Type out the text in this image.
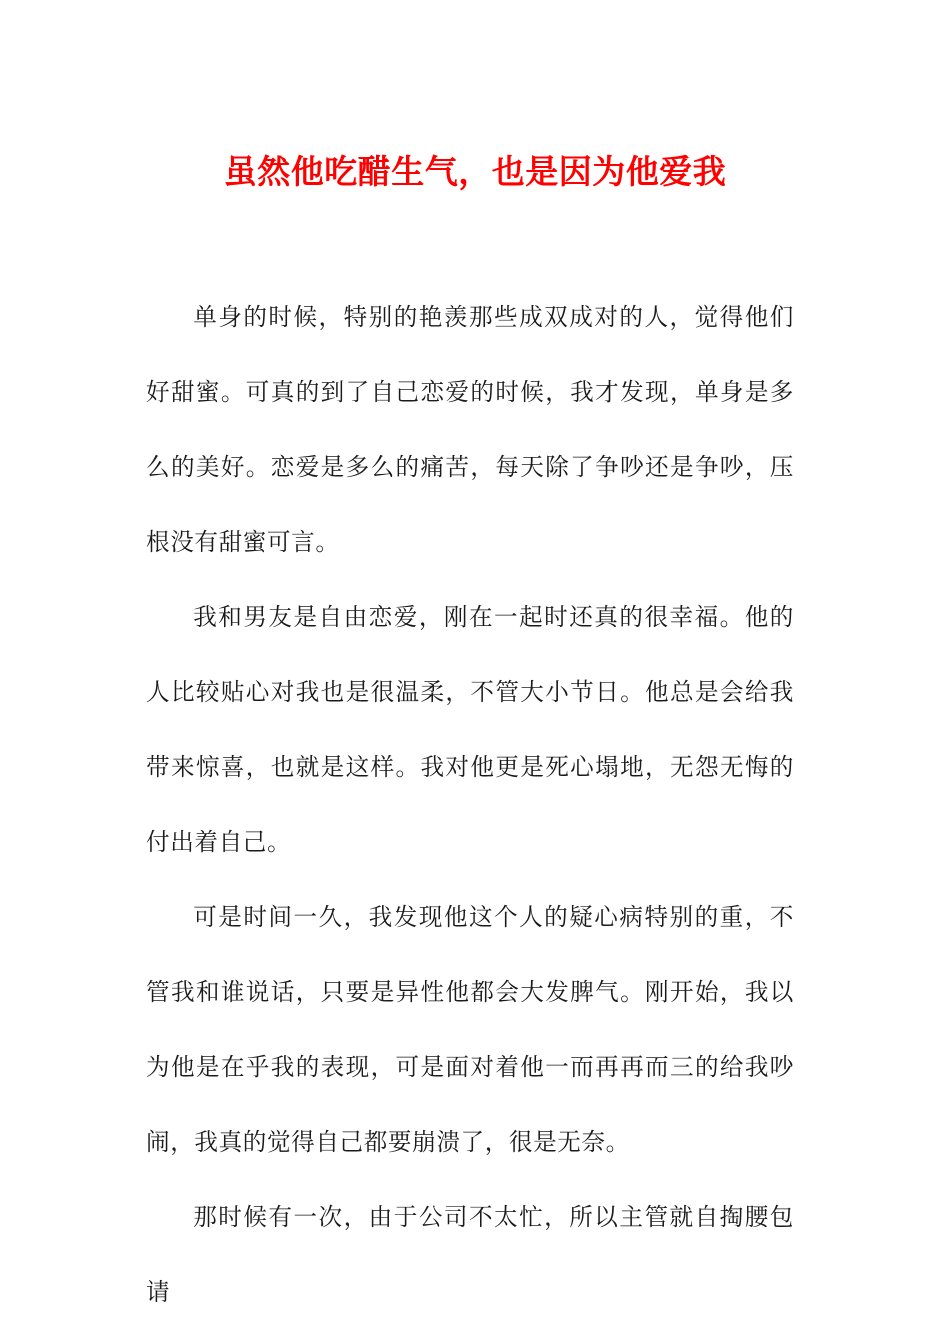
虽然他吃醋生气，也是因为他爱我

单身的时候，特别的艳羡那些成双成对的人，觉得他们好甜蜜。可真的到了自己恋爱的时候，我才发现，单身是多么的美好。恋爱是多么的痛苦，每天除了争吵还是争吵，压根没有甜蜜可言。

我和男友是自由恋爱，刚在一起时还真的很幸福。他的人比较贴心对我也是很温柔，不管大小节日。他总是会给我带来惊喜，也就是这样。我对他更是死心塌地，无怨无悔的付出着自己。

可是时间一久，我发现他这个人的疑心病特别的重，不管我和谁说话，只要是异性他都会大发脾气。刚开始，我以为他是在乎我的表现，可是面对着他一而再再而三的给我吵闹，我真的觉得自己都要崩溃了，很是无奈。

那时候有一次，由于公司不太忙，所以主管就自掏腰包请
